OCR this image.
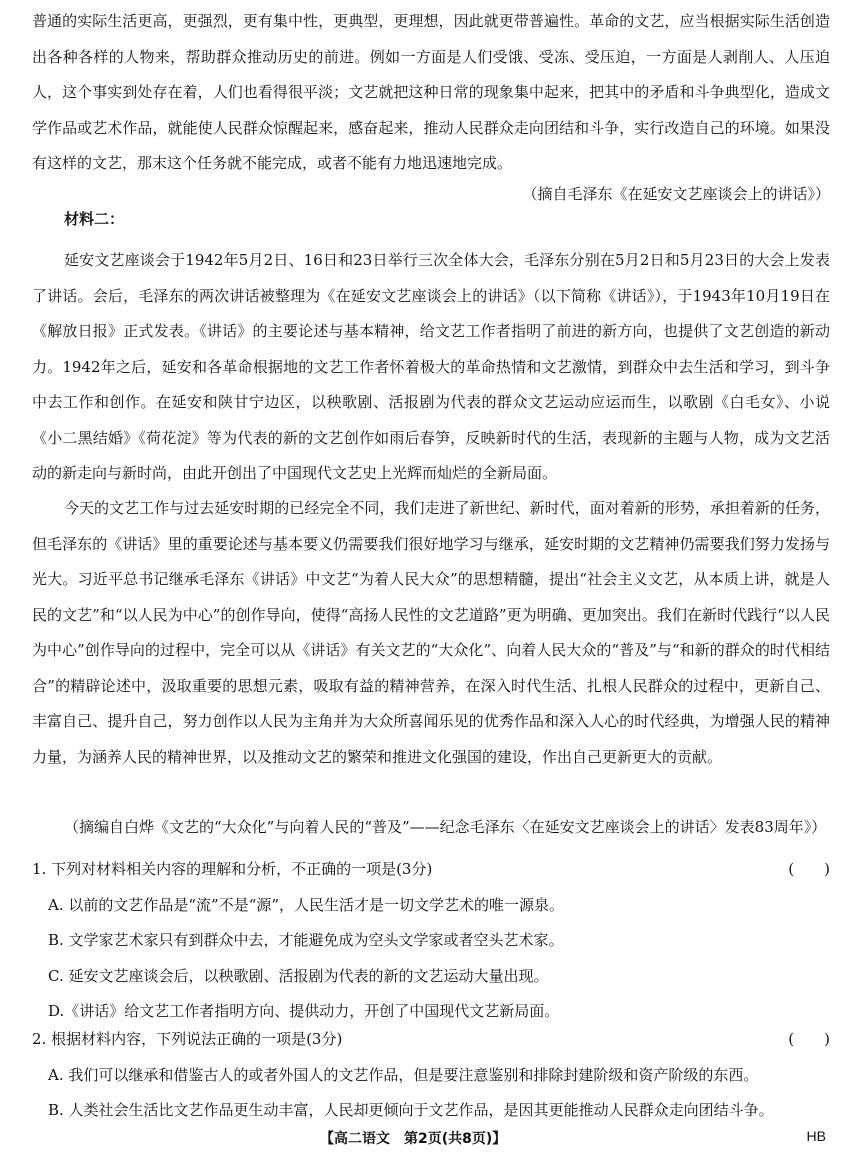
普通的实际生活更高，更强烈，更有集中性，更典型，更理想，因此就更带普遍性。革命的文艺，应当根据实际生活创造出各种各样的人物来，帮助群众推动历史的前进。例如一方面是人们受饿、受冻、受压迫，一方面是人剥削人、人压迫人，这个事实到处存在着，人们也看得很平淡；文艺就把这种日常的现象集中起来，把其中的矛盾和斗争典型化，造成文学作品或艺术作品，就能使人民群众惊醒起来，感奋起来，推动人民群众走向团结和斗争，实行改造自己的环境。如果没有这样的文艺，那末这个任务就不能完成，或者不能有力地迅速地完成。

（摘自毛泽东《在延安文艺座谈会上的讲话》）
材料二：

延安文艺座谈会于1942年5月2日、16日和23日举行三次全体大会，毛泽东分别在5月2日和5月23日的大会上发表了讲话。会后，毛泽东的两次讲话被整理为《在延安文艺座谈会上的讲话》（以下简称《讲话》），于1943年10月19日在《解放日报》正式发表。《讲话》的主要论述与基本精神，给文艺工作者指明了前进的新方向，也提供了文艺创造的新动力。1942年之后，延安和各革命根据地的文艺工作者怀着极大的革命热情和文艺激情，到群众中去生活和学习，到斗争中去工作和创作。在延安和陕甘宁边区，以秧歌剧、活报剧为代表的群众文艺运动应运而生，以歌剧《白毛女》、小说《小二黑结婚》《荷花淀》等为代表的新的文艺创作如雨后春笋，反映新时代的生活，表现新的主题与人物，成为文艺活动的新走向与新时尚，由此开创出了中国现代文艺史上光辉而灿烂的全新局面。

今天的文艺工作与过去延安时期的已经完全不同，我们走进了新世纪、新时代，面对着新的形势，承担着新的任务，但毛泽东的《讲话》里的重要论述与基本要义仍需要我们很好地学习与继承，延安时期的文艺精神仍需要我们努力发扬与光大。习近平总书记继承毛泽东《讲话》中文艺“为着人民大众”的思想精髓，提出“社会主义文艺，从本质上讲，就是人民的文艺”和“以人民为中心”的创作导向，使得“高扬人民性的文艺道路”更为明确、更加突出。我们在新时代践行“以人民为中心”创作导向的过程中，完全可以从《讲话》有关文艺的“大众化”、向着人民大众的“普及”与“和新的群众的时代相结合”的精辟论述中，汲取重要的思想元素，吸取有益的精神营养，在深入时代生活、扎根人民群众的过程中，更新自己、丰富自己、提升自己，努力创作以人民为主角并为大众所喜闻乐见的优秀作品和深入人心的时代经典，为增强人民的精神力量，为涵养人民的精神世界，以及推动文艺的繁荣和推进文化强国的建设，作出自己更新更大的贡献。

（摘编自白烨《文艺的“大众化”与向着人民的“普及”——纪念毛泽东〈在延安文艺座谈会上的讲话〉发表83周年》）

1. 下列对材料相关内容的理解和分析，不正确的一项是(3分)	(　　)
A. 以前的文艺作品是“流”不是“源”，人民生活才是一切文学艺术的唯一源泉。
B. 文学家艺术家只有到群众中去，才能避免成为空头文学家或者空头艺术家。
C. 延安文艺座谈会后，以秧歌剧、活报剧为代表的新的文艺运动大量出现。
D.《讲话》给文艺工作者指明方向、提供动力，开创了中国现代文艺新局面。
2. 根据材料内容，下列说法正确的一项是(3分)	(　　)
A. 我们可以继承和借鉴古人的或者外国人的文艺作品，但是要注意鉴别和排除封建阶级和资产阶级的东西。
B. 人类社会生活比文艺作品更生动丰富，人民却更倾向于文艺作品，是因其更能推动人民群众走向团结斗争。
【高二语文　第2页(共8页)】	HB
